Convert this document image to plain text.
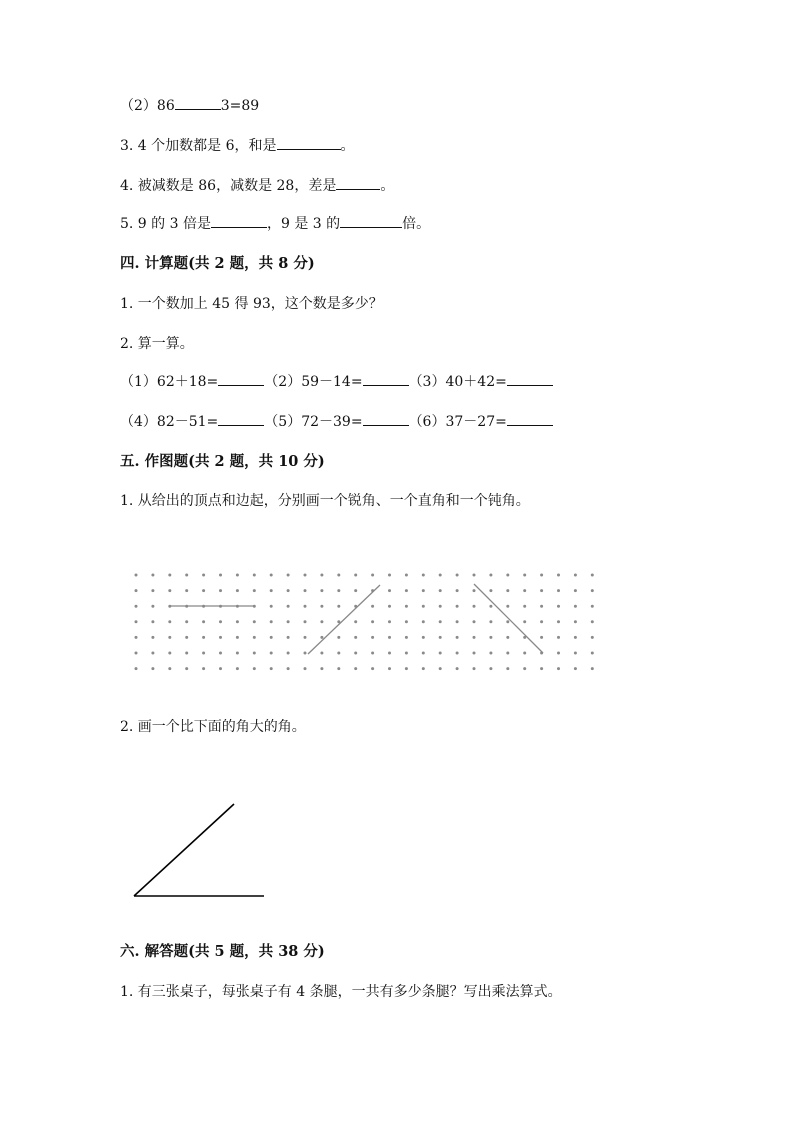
（2）86	3=89
3. 4 个加数都是 6，和是	。
4. 被减数是 86，减数是 28，差是	。
5. 9 的 3 倍是	，9 是 3 的	倍。
四. 计算题(共 2 题，共 8 分)
1. 一个数加上 45 得 93，这个数是多少？
2. 算一算。
（1）62＋18=	（2）59－14=	（3）40＋42=
（4）82－51=	（5）72－39=	（6）37－27=
五. 作图题(共 2 题，共 10 分)
1. 从给出的顶点和边起，分别画一个锐角、一个直角和一个钝角。
2. 画一个比下面的角大的角。
六. 解答题(共 5 题，共 38 分)
1. 有三张桌子，每张桌子有 4 条腿，一共有多少条腿？写出乘法算式。
